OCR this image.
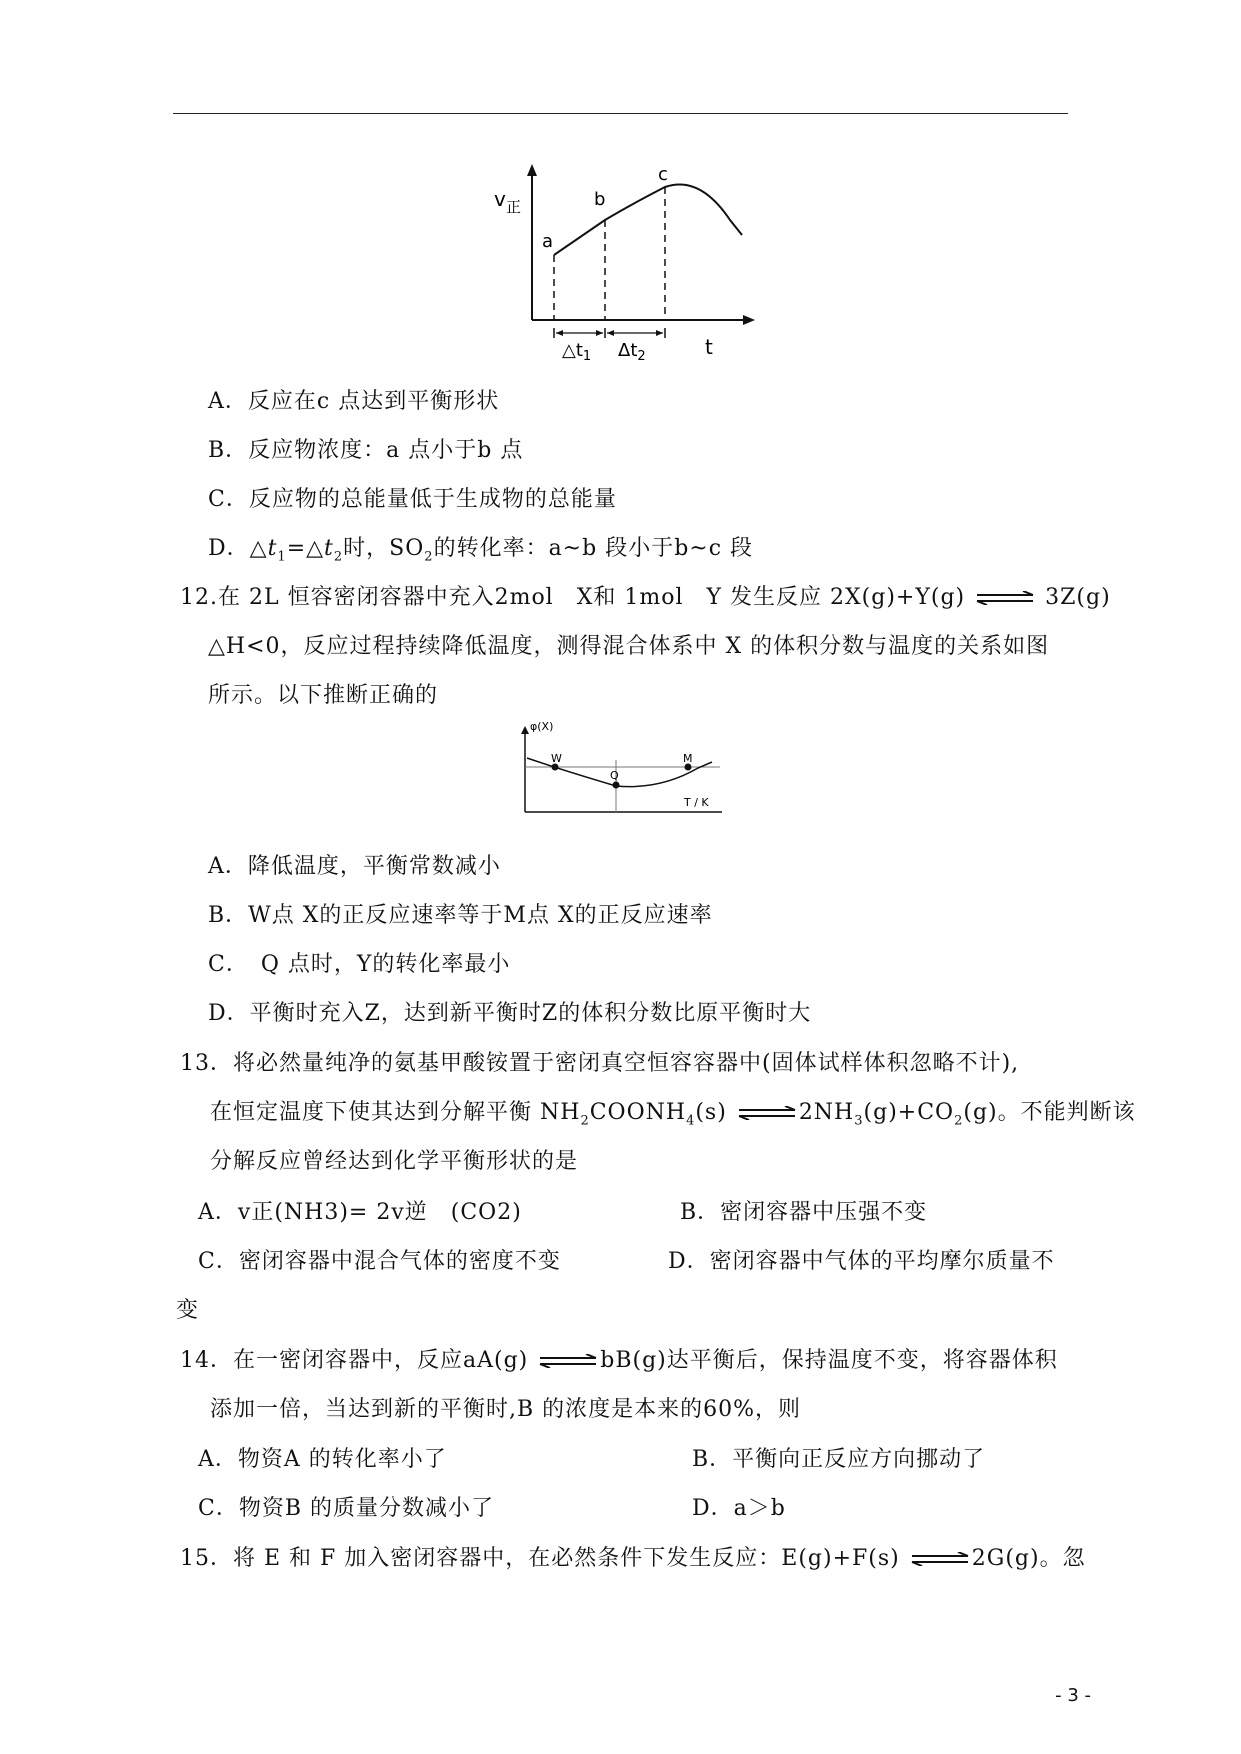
v 正
t
a
b
c
$\triangle t_1$ $\Delta t_2$
A．反应在c 点达到平衡形状
B．反应物浓度：a 点小于b 点
C．反应物的总能量低于生成物的总能量
D．$\triangle t_1=\triangle t_2$时，$SO_2$的转化率：a~b 段小于b~c 段
12.在 2L 恒容密闭容器中充入2mol　X和 1mol　Y 发生反应 2X(g)+Y(g) ⇌ 3Z(g)
△H<0，反应过程持续降低温度，测得混合体系中 X 的体积分数与温度的关系如图
所示。以下推断正确的
φ(X)
T / K
W
Q
M
A．降低温度，平衡常数减小
B．W点 X的正反应速率等于M点 X的正反应速率
C．　Q 点时，Y的转化率最小
D．平衡时充入Z，达到新平衡时Z的体积分数比原平衡时大
13．将必然量纯净的氨基甲酸铵置于密闭真空恒容容器中(固体试样体积忽略不计),
在恒定温度下使其达到分解平衡 $NH_2COONH_4(s)$ $\rightleftharpoons 2NH_3(g)+CO_2(g)$。不能判断该
分解反应曾经达到化学平衡形状的是
A．v正(NH3)= 2v逆　(CO2)	B．密闭容器中压强不变
C．密闭容器中混合气体的密度不变	D．密闭容器中气体的平均摩尔质量不
变
14．在一密闭容器中，反应aA(g) ⇌bB(g)达平衡后，保持温度不变，将容器体积
添加一倍，当达到新的平衡时,B 的浓度是本来的60%，则
A．物资A 的转化率小了	B．平衡向正反应方向挪动了
C．物资B 的质量分数减小了	D．a＞b
15．将 E 和 F 加入密闭容器中，在必然条件下发生反应：E(g)+F(s) ⇌2G(g)。忽
- 3 -
